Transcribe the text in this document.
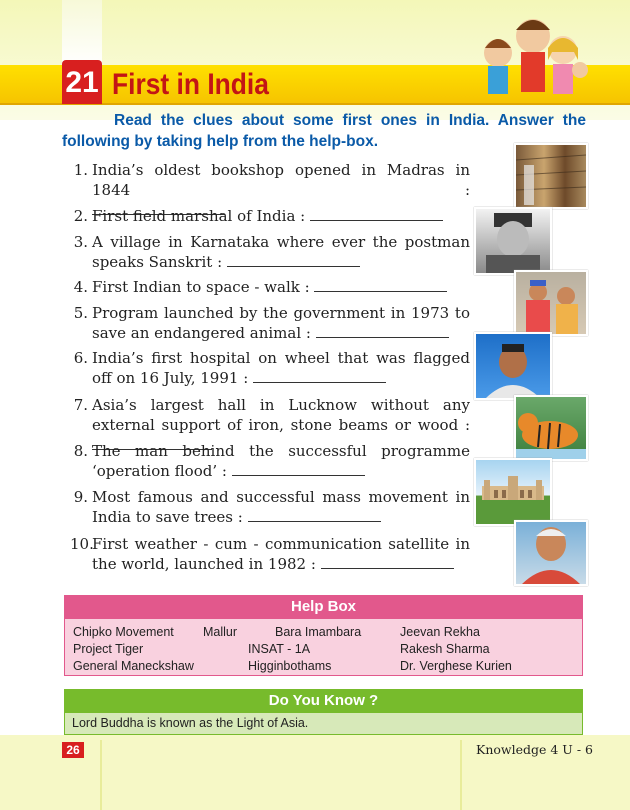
21 First in India
Read the clues about some first ones in India. Answer the following by taking help from the help-box.
1. India’s oldest bookshop opened in Madras in 1844 :
2. First field marshal of India :
3. A village in Karnataka where ever the postman speaks Sanskrit :
4. First Indian to space - walk :
5. Program launched by the government in 1973 to save an endangered animal :
6. India’s first hospital on wheel that was flagged off on 16 July, 1991 :
7. Asia’s largest hall in Lucknow without any external support of iron, stone beams or wood :
8. The man behind the successful programme ‘operation flood’ :
9. Most famous and successful mass movement in India to save trees :
10.
First weather - cum - communication satellite in the world, launched in 1982 :
Help Box
Chipko Movement Mallur	Bara Imambara	Jeevan Rekha
Project Tiger	INSAT - 1A	Rakesh Sharma
General Maneckshaw	Higginbothams	Dr. Verghese Kurien
Do You Know ?
Lord Buddha is known as the Light of Asia.
26	Knowledge 4 U - 6
